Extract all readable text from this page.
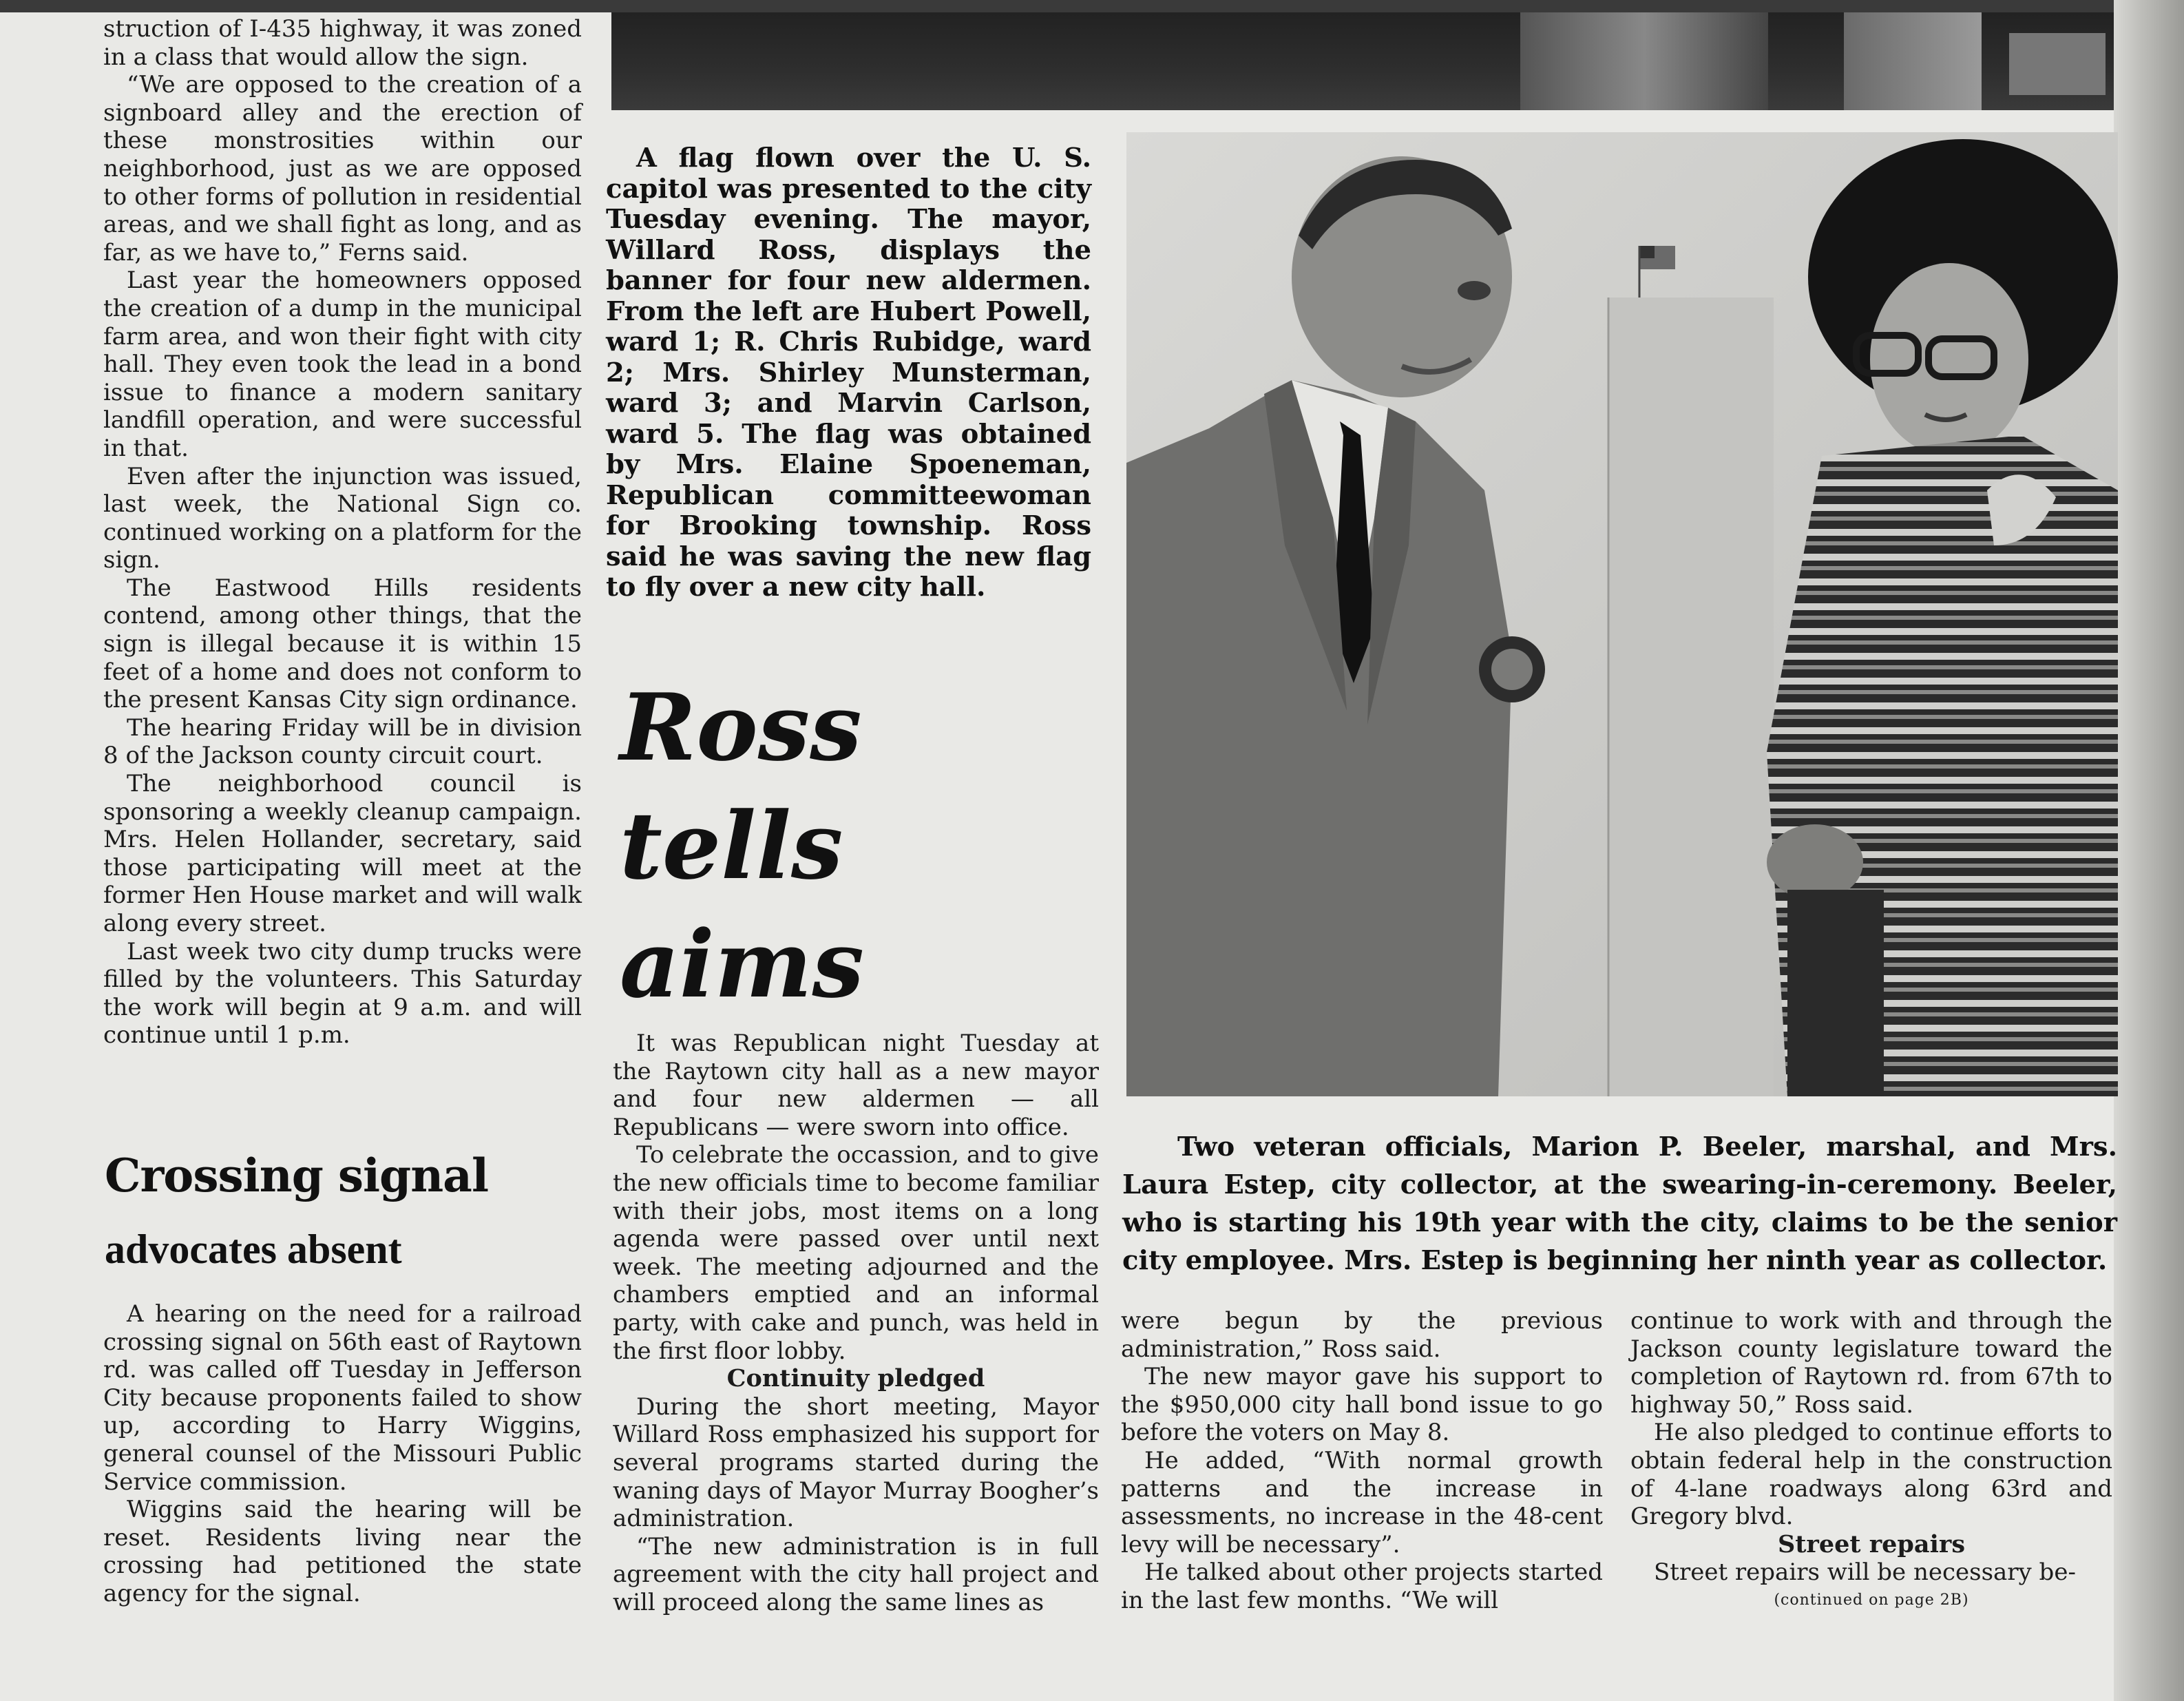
struction of I-435 highway, it was zoned in a class that would allow the sign.

“We are opposed to the creation of a signboard alley and the erection of these monstrosities within our neighborhood, just as we are opposed to other forms of pollution in residential areas, and we shall fight as long, and as far, as we have to,” Ferns said.

Last year the homeowners opposed the creation of a dump in the municipal farm area, and won their fight with city hall. They even took the lead in a bond issue to finance a modern sanitary landfill operation, and were successful in that.

Even after the injunction was issued, last week, the National Sign co. continued working on a platform for the sign.

The Eastwood Hills residents contend, among other things, that the sign is illegal because it is within 15 feet of a home and does not conform to the present Kansas City sign ordinance.

The hearing Friday will be in division 8 of the Jackson county circuit court.

The neighborhood council is sponsoring a weekly cleanup campaign. Mrs. Helen Hollander, secretary, said those participating will meet at the former Hen House market and will walk along every street.

Last week two city dump trucks were filled by the volunteers. This Saturday the work will begin at 9 a.m. and will continue until 1 p.m.

Crossing signal
advocates absent

A hearing on the need for a railroad crossing signal on 56th east of Raytown rd. was called off Tuesday in Jefferson City because proponents failed to show up, according to Harry Wiggins, general counsel of the Missouri Public Service commission.

Wiggins said the hearing will be reset. Residents living near the crossing had petitioned the state agency for the signal.

A flag flown over the U. S. capitol was presented to the city Tuesday evening. The mayor, Willard Ross, displays the banner for four new aldermen. From the left are Hubert Powell, ward 1; R. Chris Rubidge, ward 2; Mrs. Shirley Munsterman, ward 3; and Marvin Carlson, ward 5. The flag was obtained by Mrs. Elaine Spoeneman, Republican committeewoman for Brooking township. Ross said he was saving the new flag to fly over a new city hall.

Ross
tells
aims

It was Republican night Tuesday at the Raytown city hall as a new mayor and four new aldermen — all Republicans — were sworn into office.

To celebrate the occassion, and to give the new officials time to become familiar with their jobs, most items on a long agenda were passed over until next week. The meeting adjourned and the chambers emptied and an informal party, with cake and punch, was held in the first floor lobby.

Continuity pledged

During the short meeting, Mayor Willard Ross emphasized his support for several programs started during the waning days of Mayor Murray Boogher’s administration.

“The new administration is in full agreement with the city hall project and will proceed along the same lines as

were begun by the previous administration,” Ross said.

The new mayor gave his support to the $950,000 city hall bond issue to go before the voters on May 8.

He added, “With normal growth patterns and the increase in assessments, no increase in the 48-cent levy will be necessary”.

He talked about other projects started in the last few months. “We will

continue to work with and through the Jackson county legislature toward the completion of Raytown rd. from 67th to highway 50,” Ross said.

He also pledged to continue efforts to obtain federal help in the construction of 4-lane roadways along 63rd and Gregory blvd.

Street repairs

Street repairs will be necessary be-

(continued on page 2B)

Two veteran officials, Marion P. Beeler, marshal, and Mrs. Laura Estep, city collector, at the swearing-in-ceremony. Beeler, who is starting his 19th year with the city, claims to be the senior city employee. Mrs. Estep is beginning her ninth year as collector.
